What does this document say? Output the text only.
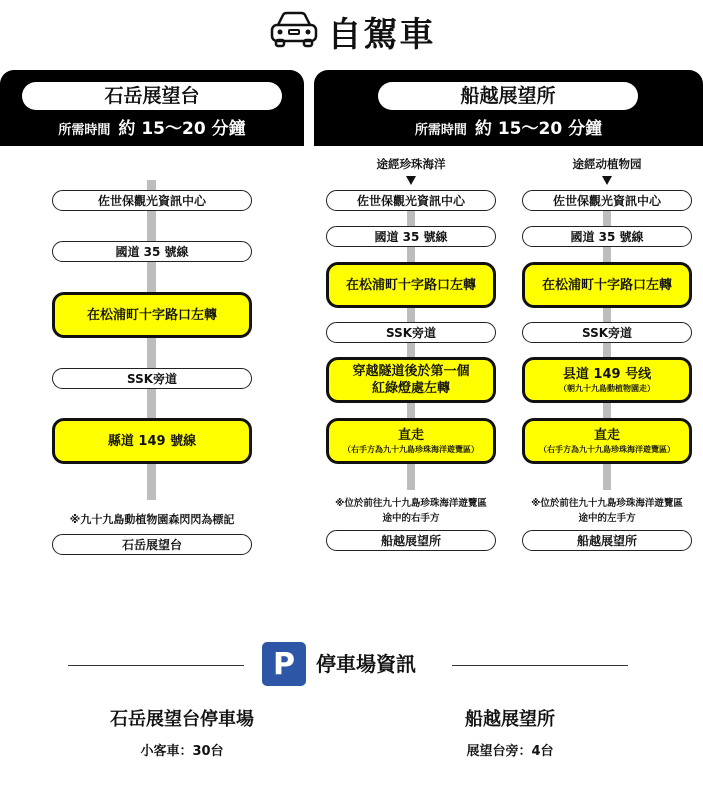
自駕車
石岳展望台
所需時間 約 15～20 分鐘
佐世保觀光資訊中心
國道 35 號線
在松浦町十字路口左轉
SSK旁道
縣道 149 號線
※九十九島動植物園森閃閃為標記
石岳展望台
船越展望所
所需時間 約 15～20 分鐘
途經珍珠海洋
佐世保觀光資訊中心
國道 35 號線
在松浦町十字路口左轉
SSK旁道
穿越隧道後於第一個
紅綠燈處左轉
直走
（右手方為九十九島珍珠海洋遊覽區）
※位於前往九十九島珍珠海洋遊覽區
途中的右手方
船越展望所
途經动植物园
佐世保觀光資訊中心
國道 35 號線
在松浦町十字路口左轉
SSK旁道
县道 149 号线
（朝九十九島動植物園走）
直走
（右手方為九十九島珍珠海洋遊覽區）
※位於前往九十九島珍珠海洋遊覽區
途中的左手方
船越展望所
P	停車場資訊
石岳展望台停車場
小客車：30台
船越展望所
展望台旁：4台
